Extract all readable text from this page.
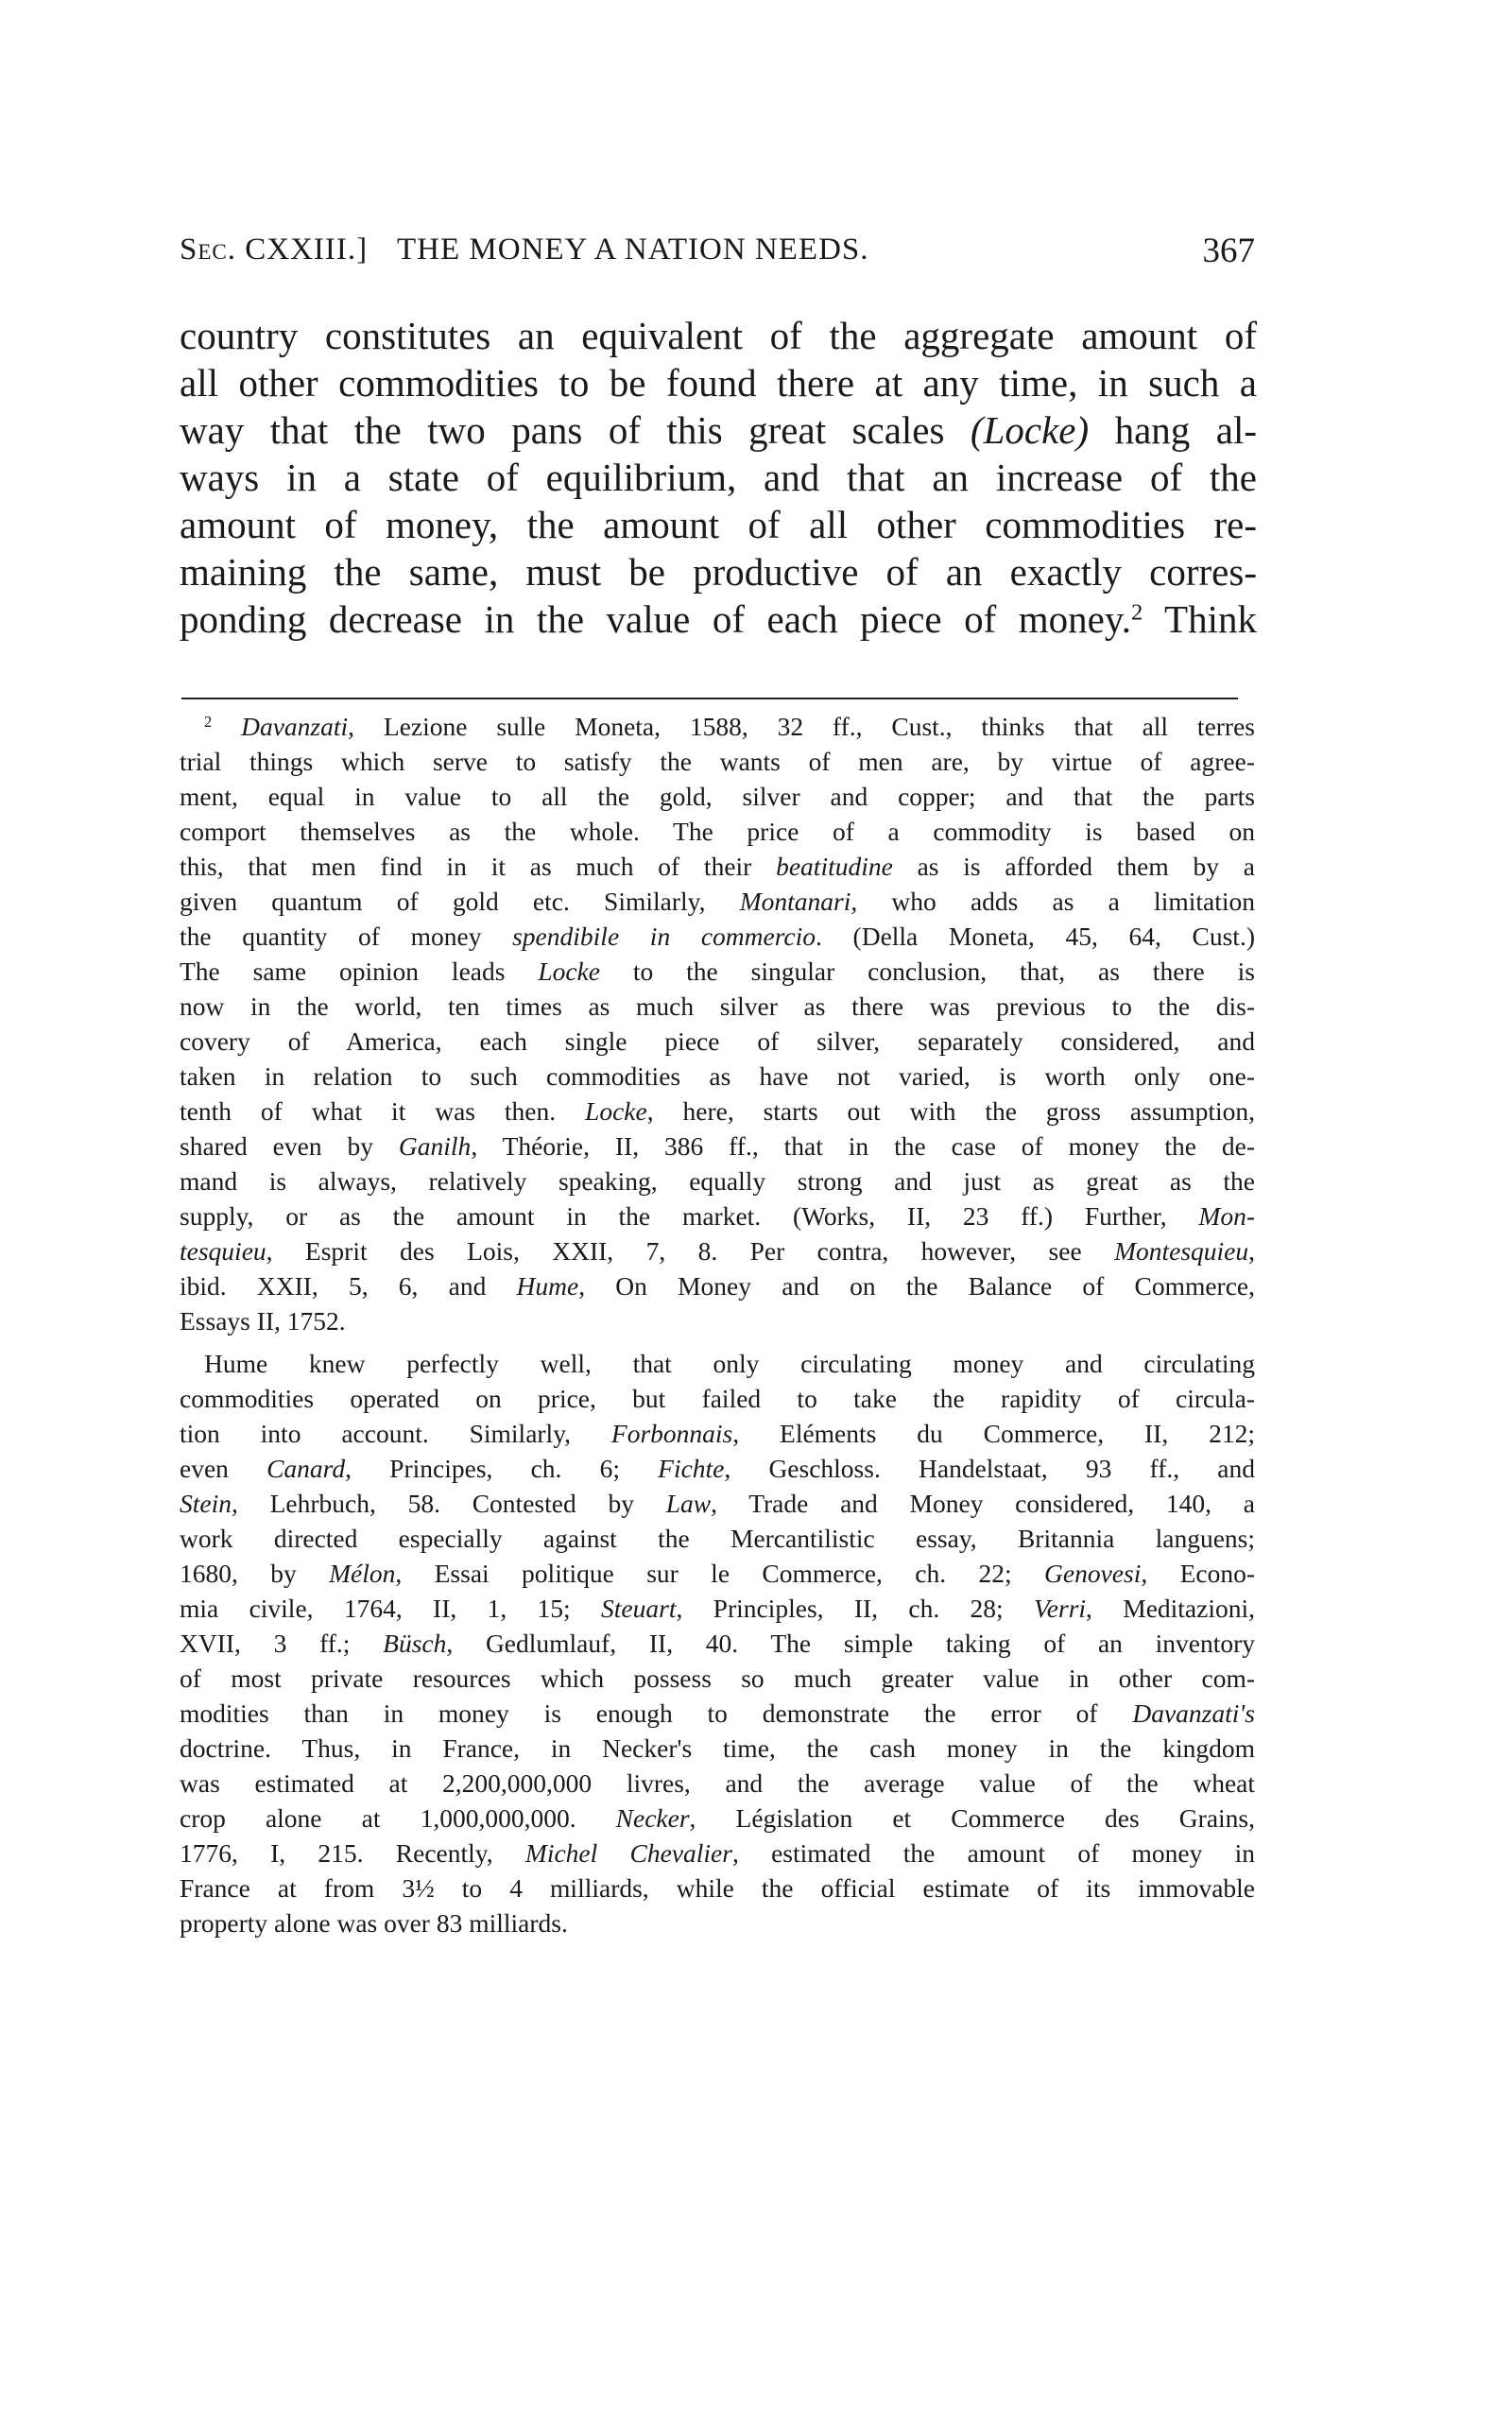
Sec. CXXIII.] THE MONEY A NATION NEEDS.	367
country constitutes an equivalent of the aggregate amount of
all other commodities to be found there at any time, in such a
way that the two pans of this great scales (Locke) hang al-
ways in a state of equilibrium, and that an increase of the
amount of money, the amount of all other commodities re-
maining the same, must be productive of an exactly corres-
ponding decrease in the value of each piece of money.$^2$ Think
$^2$ Davanzati, Lezione sulle Moneta, 1588, 32 ff., Cust., thinks that all terres
trial things which serve to satisfy the wants of men are, by virtue of agree-
ment, equal in value to all the gold, silver and copper; and that the parts
comport themselves as the whole. The price of a commodity is based on
this, that men find in it as much of their beatitudine as is afforded them by a
given quantum of gold etc. Similarly, Montanari, who adds as a limitation
the quantity of money spendibile in commercio. (Della Moneta, 45, 64, Cust.)
The same opinion leads Locke to the singular conclusion, that, as there is
now in the world, ten times as much silver as there was previous to the dis-
covery of America, each single piece of silver, separately considered, and
taken in relation to such commodities as have not varied, is worth only one-
tenth of what it was then. Locke, here, starts out with the gross assumption,
shared even by Ganilh, Théorie, II, 386 ff., that in the case of money the de-
mand is always, relatively speaking, equally strong and just as great as the
supply, or as the amount in the market. (Works, II, 23 ff.) Further, Mon-
tesquieu, Esprit des Lois, XXII, 7, 8. Per contra, however, see Montesquieu,
ibid. XXII, 5, 6, and Hume, On Money and on the Balance of Commerce,
Essays II, 1752.
Hume knew perfectly well, that only circulating money and circulating
commodities operated on price, but failed to take the rapidity of circula-
tion into account. Similarly, Forbonnais, Eléments du Commerce, II, 212;
even Canard, Principes, ch. 6; Fichte, Geschloss. Handelstaat, 93 ff., and
Stein, Lehrbuch, 58. Contested by Law, Trade and Money considered, 140, a
work directed especially against the Mercantilistic essay, Britannia languens;
1680, by Mélon, Essai politique sur le Commerce, ch. 22; Genovesi, Econo-
mia civile, 1764, II, 1, 15; Steuart, Principles, II, ch. 28; Verri, Meditazioni,
XVII, 3 ff.; Büsch, Gedlumlauf, II, 40. The simple taking of an inventory
of most private resources which possess so much greater value in other com-
modities than in money is enough to demonstrate the error of Davanzati's
doctrine. Thus, in France, in Necker's time, the cash money in the kingdom
was estimated at 2,200,000,000 livres, and the average value of the wheat
crop alone at 1,000,000,000. Necker, Législation et Commerce des Grains,
1776, I, 215. Recently, Michel Chevalier, estimated the amount of money in
France at from 3½ to 4 milliards, while the official estimate of its immovable
property alone was over 83 milliards.
